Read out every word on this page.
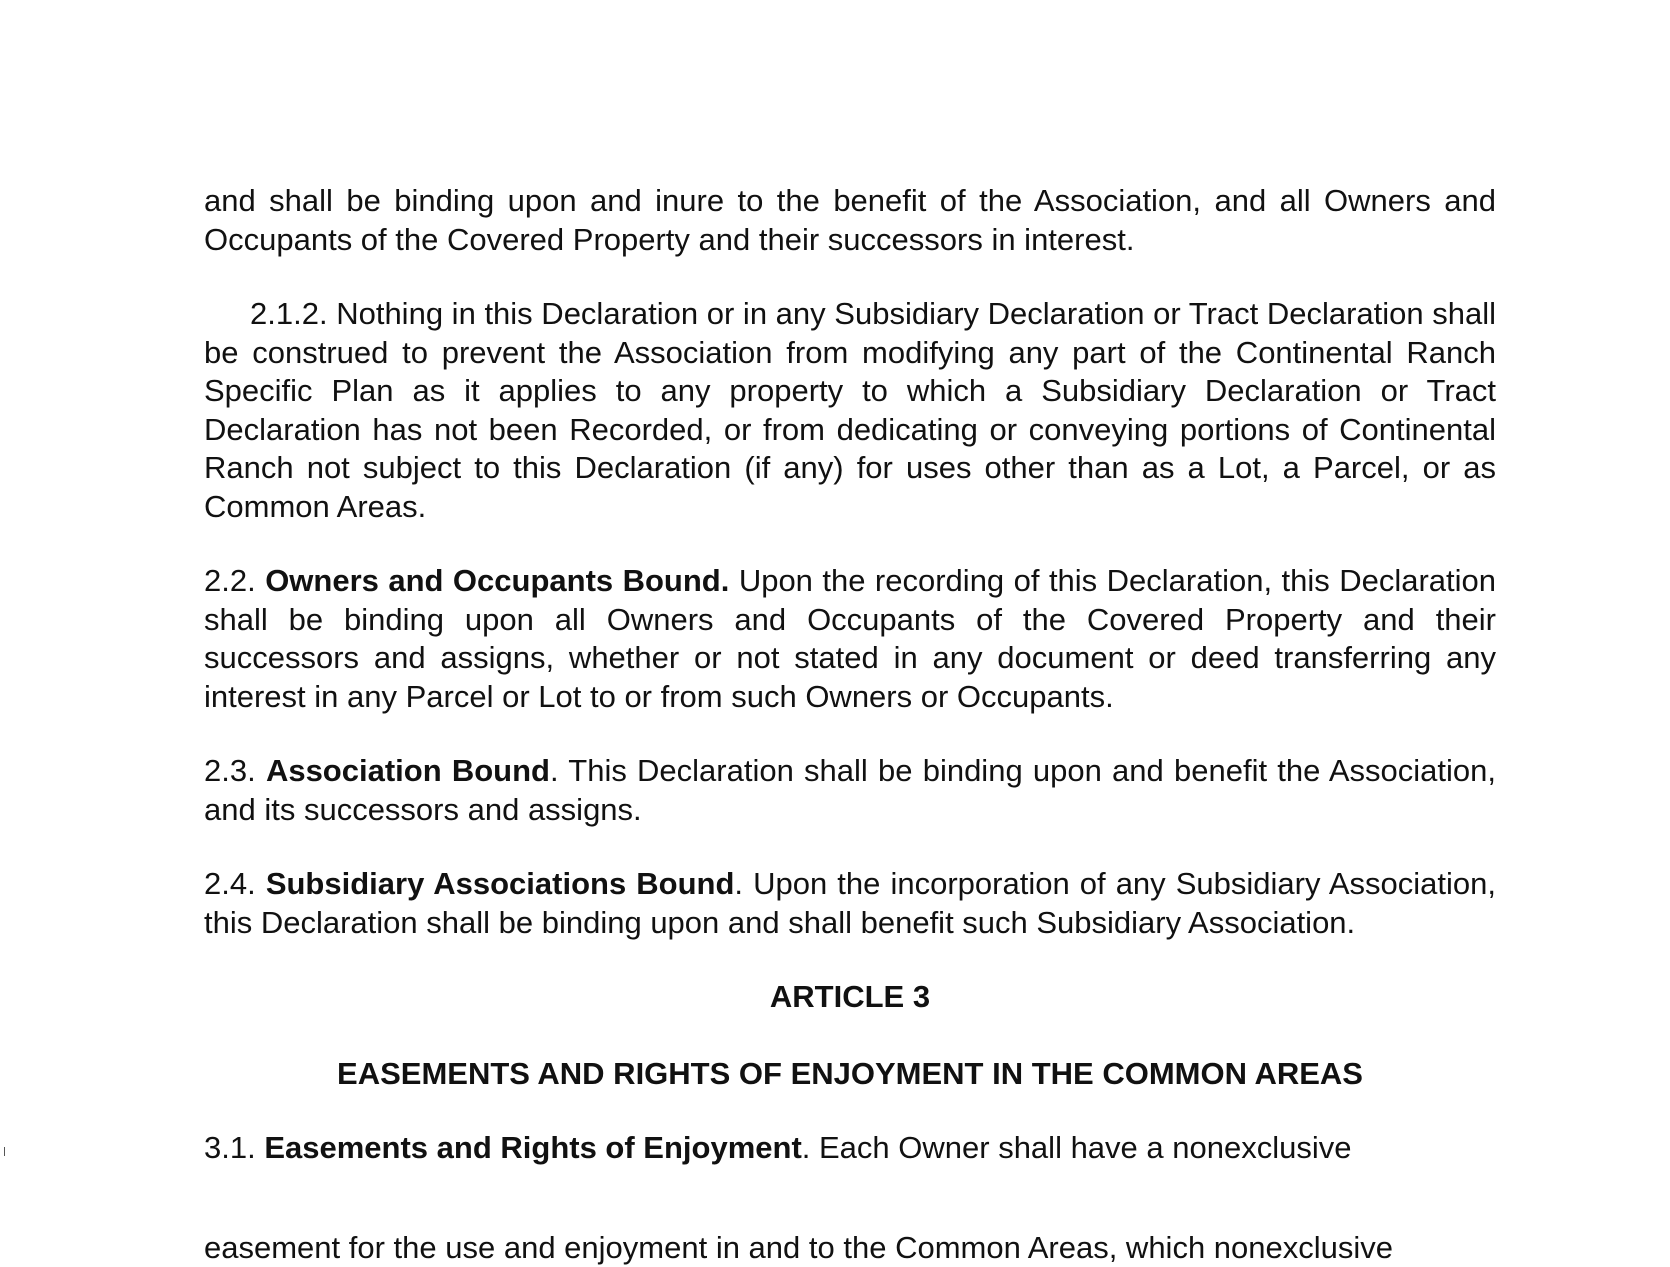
and shall be binding upon and inure to the benefit of the Association, and all Owners and Occupants of the Covered Property and their successors in interest.

2.1.2. Nothing in this Declaration or in any Subsidiary Declaration or Tract Declaration shall be construed to prevent the Association from modifying any part of the Continental Ranch Specific Plan as it applies to any property to which a Subsidiary Declaration or Tract Declaration has not been Recorded, or from dedicating or conveying portions of Continental Ranch not subject to this Declaration (if any) for uses other than as a Lot, a Parcel, or as Common Areas.

2.2. Owners and Occupants Bound. Upon the recording of this Declaration, this Declaration shall be binding upon all Owners and Occupants of the Covered Property and their successors and assigns, whether or not stated in any document or deed transferring any interest in any Parcel or Lot to or from such Owners or Occupants.

2.3. Association Bound. This Declaration shall be binding upon and benefit the Association, and its successors and assigns.

2.4. Subsidiary Associations Bound. Upon the incorporation of any Subsidiary Association, this Declaration shall be binding upon and shall benefit such Subsidiary Association.

ARTICLE 3

EASEMENTS AND RIGHTS OF ENJOYMENT IN THE COMMON AREAS

3.1. Easements and Rights of Enjoyment. Each Owner shall have a nonexclusive

easement for the use and enjoyment in and to the Common Areas, which nonexclusive
